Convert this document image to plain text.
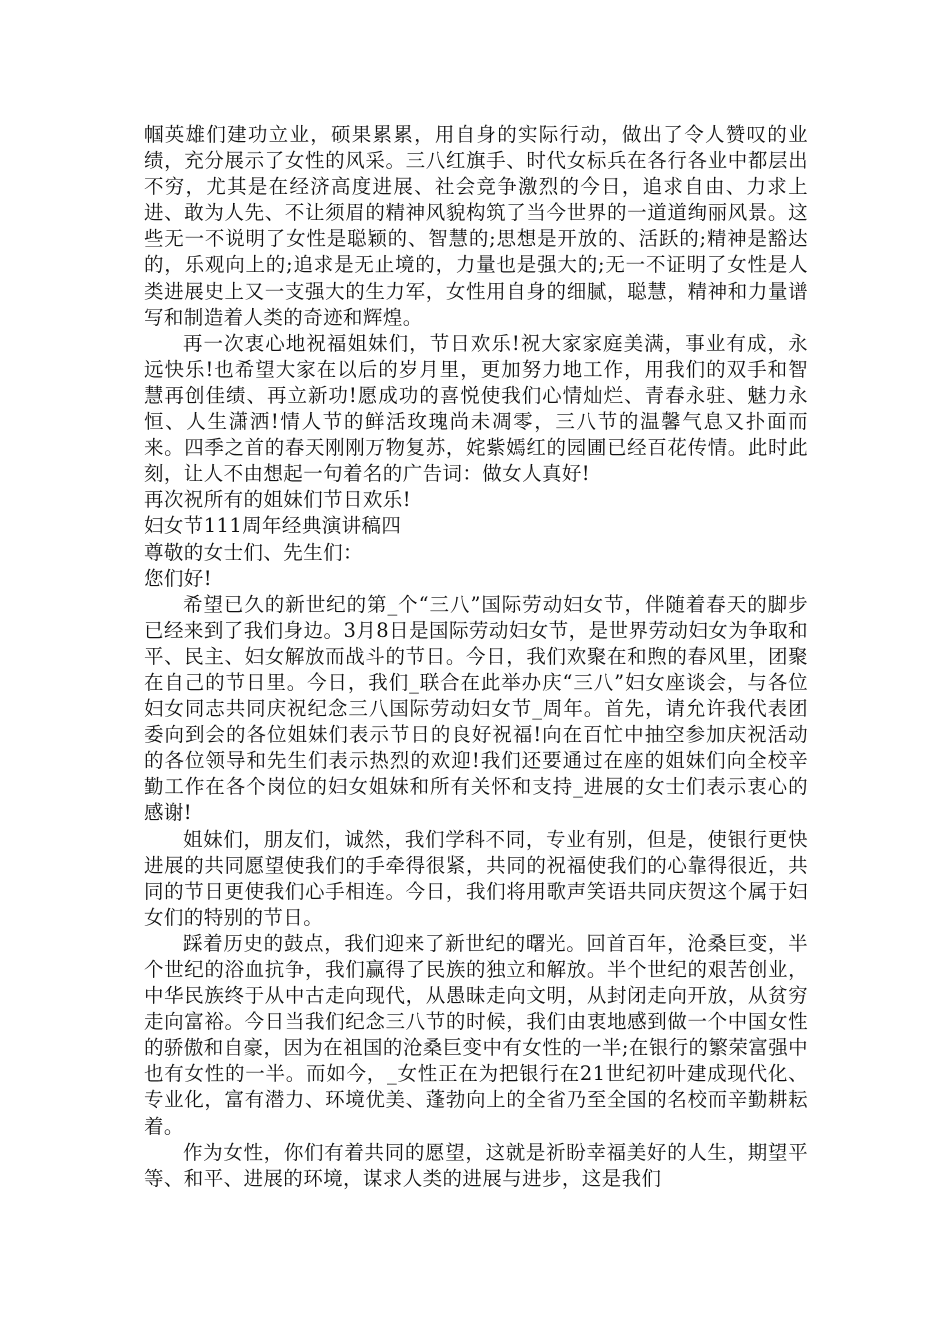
帼英雄们建功立业，硕果累累，用自身的实际行动，做出了令人赞叹的业绩，充分展示了女性的风采。三八红旗手、时代女标兵在各行各业中都层出不穷，尤其是在经济高度进展、社会竞争激烈的今日，追求自由、力求上进、敢为人先、不让须眉的精神风貌构筑了当今世界的一道道绚丽风景。这些无一不说明了女性是聪颖的、智慧的;思想是开放的、活跃的;精神是豁达的，乐观向上的;追求是无止境的，力量也是强大的;无一不证明了女性是人类进展史上又一支强大的生力军，女性用自身的细腻，聪慧，精神和力量谱写和制造着人类的奇迹和辉煌。

再一次衷心地祝福姐妹们，节日欢乐!祝大家家庭美满，事业有成，永远快乐!也希望大家在以后的岁月里，更加努力地工作，用我们的双手和智慧再创佳绩、再立新功!愿成功的喜悦使我们心情灿烂、青春永驻、魅力永恒、人生潇洒!情人节的鲜活玫瑰尚未凋零，三八节的温馨气息又扑面而来。四季之首的春天刚刚万物复苏，姹紫嫣红的园圃已经百花传情。此时此刻，让人不由想起一句着名的广告词：做女人真好!

再次祝所有的姐妹们节日欢乐!

妇女节111周年经典演讲稿四

尊敬的女士们、先生们：

您们好!

希望已久的新世纪的第_个“三八”国际劳动妇女节，伴随着春天的脚步已经来到了我们身边。3月8日是国际劳动妇女节，是世界劳动妇女为争取和平、民主、妇女解放而战斗的节日。今日，我们欢聚在和煦的春风里，团聚在自己的节日里。今日，我们_联合在此举办庆“三八”妇女座谈会，与各位妇女同志共同庆祝纪念三八国际劳动妇女节_周年。首先，请允许我代表团委向到会的各位姐妹们表示节日的良好祝福!向在百忙中抽空参加庆祝活动的各位领导和先生们表示热烈的欢迎!我们还要通过在座的姐妹们向全校辛勤工作在各个岗位的妇女姐妹和所有关怀和支持_进展的女士们表示衷心的感谢!

姐妹们，朋友们，诚然，我们学科不同，专业有别，但是，使银行更快进展的共同愿望使我们的手牵得很紧，共同的祝福使我们的心靠得很近，共同的节日更使我们心手相连。今日，我们将用歌声笑语共同庆贺这个属于妇女们的特别的节日。

踩着历史的鼓点，我们迎来了新世纪的曙光。回首百年，沧桑巨变，半个世纪的浴血抗争，我们赢得了民族的独立和解放。半个世纪的艰苦创业，中华民族终于从中古走向现代，从愚昧走向文明，从封闭走向开放，从贫穷走向富裕。今日当我们纪念三八节的时候，我们由衷地感到做一个中国女性的骄傲和自豪，因为在祖国的沧桑巨变中有女性的一半;在银行的繁荣富强中也有女性的一半。而如今，_女性正在为把银行在21世纪初叶建成现代化、专业化，富有潜力、环境优美、蓬勃向上的全省乃至全国的名校而辛勤耕耘着。

作为女性，你们有着共同的愿望，这就是祈盼幸福美好的人生，期望平等、和平、进展的环境，谋求人类的进展与进步，这是我们
